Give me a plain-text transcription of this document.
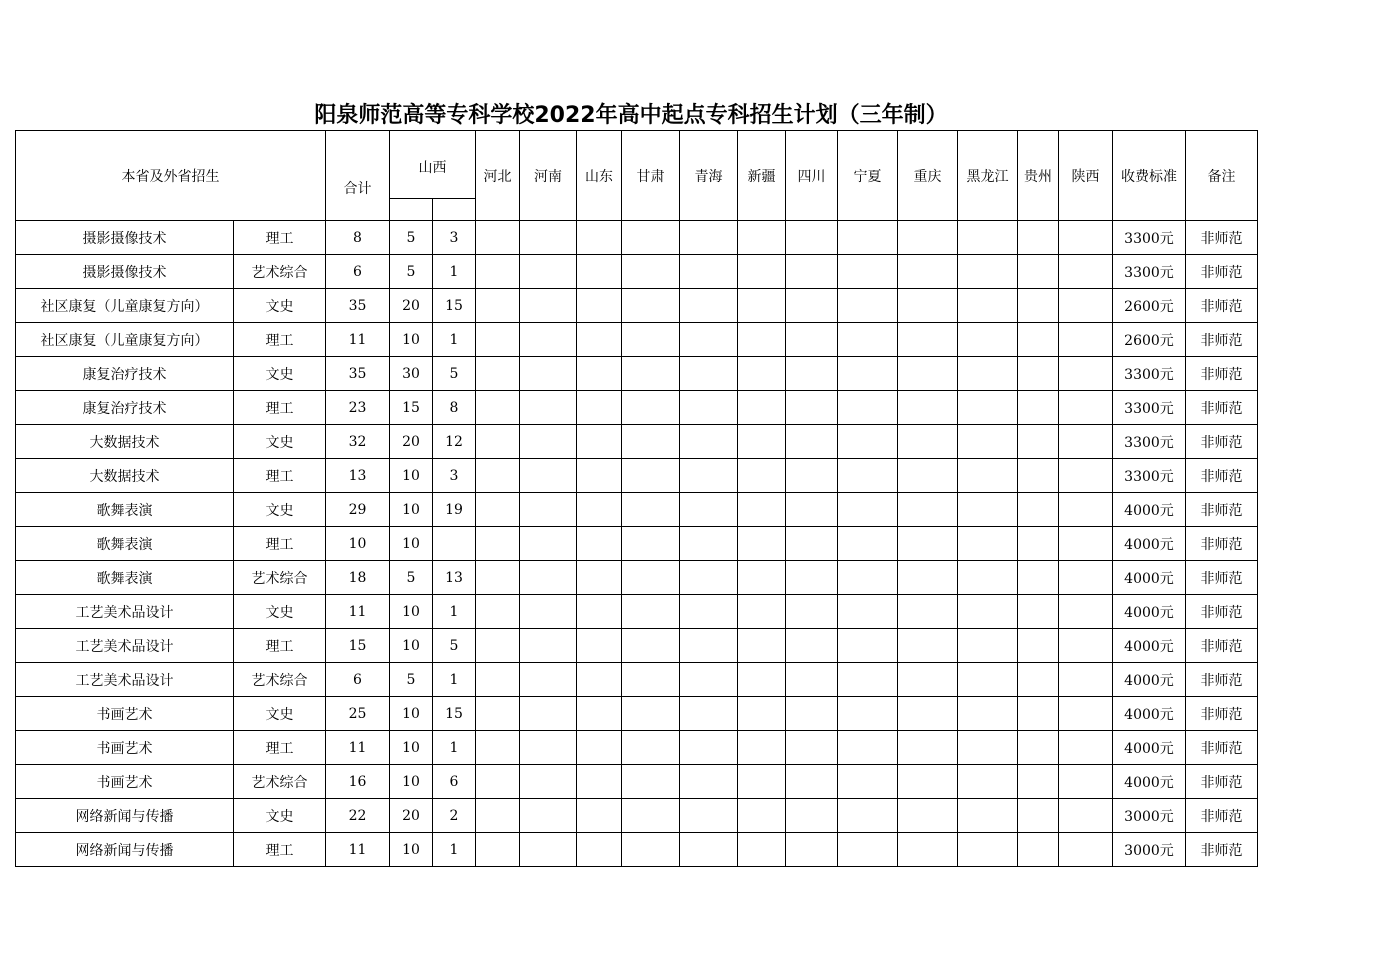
阳泉师范高等专科学校2022年高中起点专科招生计划（三年制）
本省及外省招生		合计	山西		河北	河南	山东	甘肃	青海	新疆	四川	宁夏	重庆	黑龙江	贵州	陕西	收费标准	备注

摄影摄像技术	理工	8	5	3													3300元	非师范
摄影摄像技术	艺术综合	6	5	1													3300元	非师范
社区康复（儿童康复方向）	文史	35	20	15													2600元	非师范
社区康复（儿童康复方向）	理工	11	10	1													2600元	非师范
康复治疗技术	文史	35	30	5													3300元	非师范
康复治疗技术	理工	23	15	8													3300元	非师范
大数据技术	文史	32	20	12													3300元	非师范
大数据技术	理工	13	10	3													3300元	非师范
歌舞表演	文史	29	10	19													4000元	非师范
歌舞表演	理工	10	10														4000元	非师范
歌舞表演	艺术综合	18	5	13													4000元	非师范
工艺美术品设计	文史	11	10	1													4000元	非师范
工艺美术品设计	理工	15	10	5													4000元	非师范
工艺美术品设计	艺术综合	6	5	1													4000元	非师范
书画艺术	文史	25	10	15													4000元	非师范
书画艺术	理工	11	10	1													4000元	非师范
书画艺术	艺术综合	16	10	6													4000元	非师范
网络新闻与传播	文史	22	20	2													3000元	非师范
网络新闻与传播	理工	11	10	1													3000元	非师范
